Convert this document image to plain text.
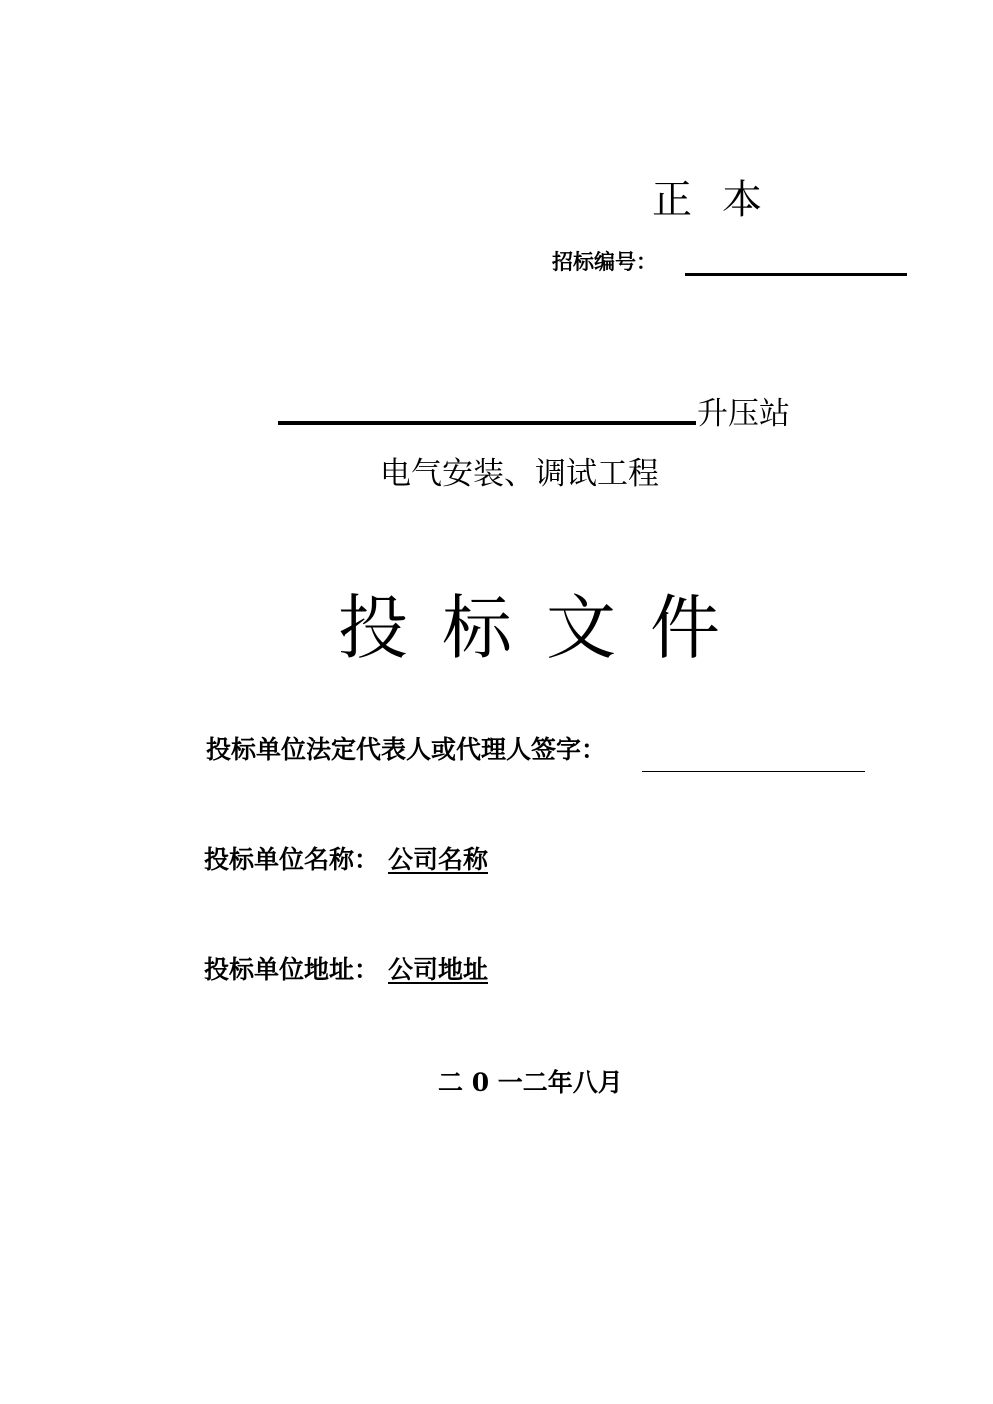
正本
招标编号：
升压站
电气安装、调试工程
投标文件
投标单位法定代表人或代理人签字：
投标单位名称： 公司名称
投标单位地址： 公司地址
二 0 一二年八月
